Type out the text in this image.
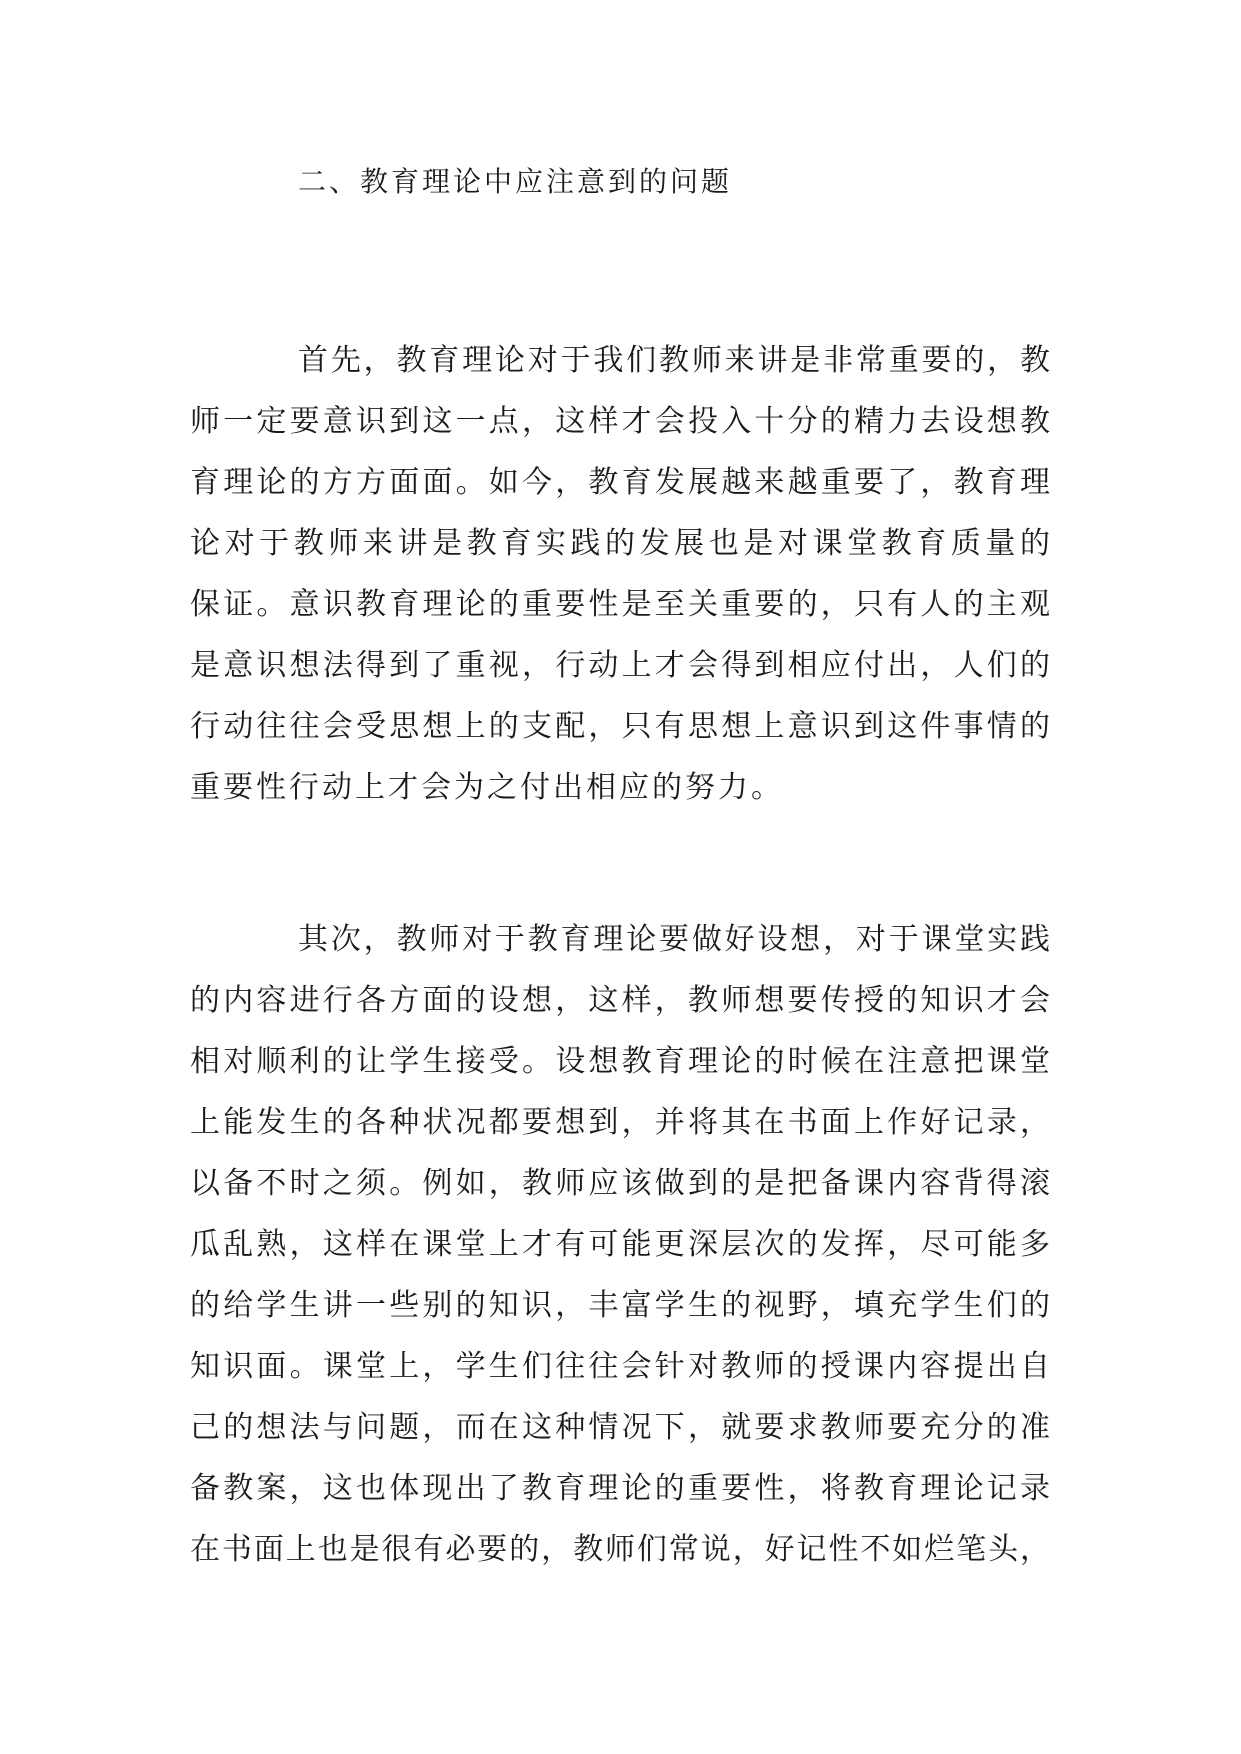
二、教育理论中应注意到的问题
首先，教育理论对于我们教师来讲是非常重要的，教
师一定要意识到这一点，这样才会投入十分的精力去设想教
育理论的方方面面。如今，教育发展越来越重要了，教育理
论对于教师来讲是教育实践的发展也是对课堂教育质量的
保证。意识教育理论的重要性是至关重要的，只有人的主观
是意识想法得到了重视，行动上才会得到相应付出，人们的
行动往往会受思想上的支配，只有思想上意识到这件事情的
重要性行动上才会为之付出相应的努力。
其次，教师对于教育理论要做好设想，对于课堂实践
的内容进行各方面的设想，这样，教师想要传授的知识才会
相对顺利的让学生接受。设想教育理论的时候在注意把课堂
上能发生的各种状况都要想到，并将其在书面上作好记录，
以备不时之须。例如，教师应该做到的是把备课内容背得滚
瓜乱熟，这样在课堂上才有可能更深层次的发挥，尽可能多
的给学生讲一些别的知识，丰富学生的视野，填充学生们的
知识面。课堂上，学生们往往会针对教师的授课内容提出自
己的想法与问题，而在这种情况下，就要求教师要充分的准
备教案，这也体现出了教育理论的重要性，将教育理论记录
在书面上也是很有必要的，教师们常说，好记性不如烂笔头，
